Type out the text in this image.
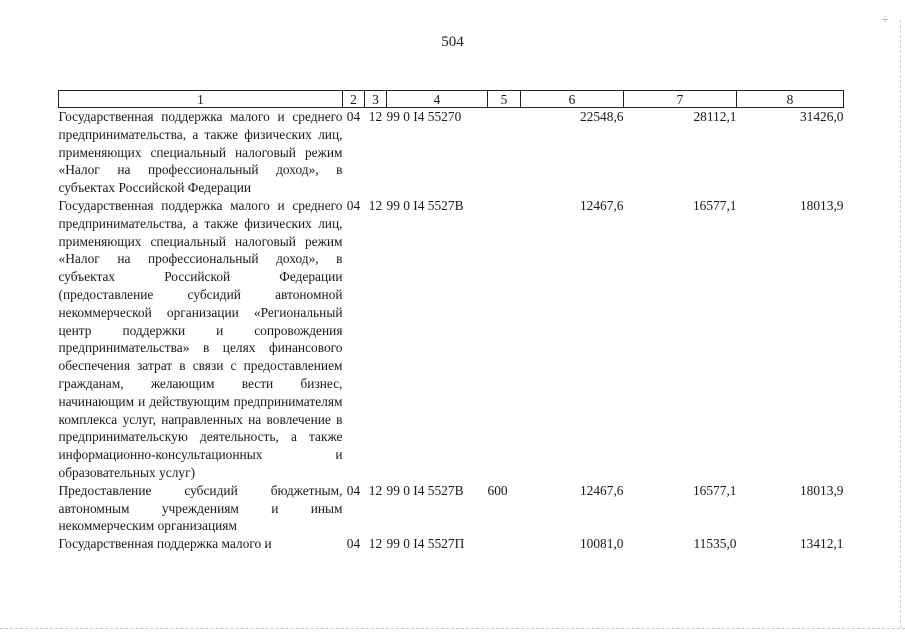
504
÷
1	2	3	4	5	6	7	8
Государственная поддержка малого и среднего предпринимательства, а также физических лиц, применяющих специальный налоговый режим «Налог на профессиональный доход», в субъектах Российской Федерации	04	12	99 0 I4 55270		22548,6	28112,1	31426,0
Государственная поддержка малого и среднего предпринимательства, а также физических лиц, применяющих специальный налоговый режим «Налог на профессиональный доход», в субъектах Российской Федерации (предоставление субсидий автономной некоммерческой организации «Региональный центр поддержки и сопровождения предпринимательства» в целях финансового обеспечения затрат в связи с предоставлением гражданам, желающим вести бизнес, начинающим и действующим предпринимателям комплекса услуг, направленных на вовлечение в предпринимательскую деятельность, а также информационно-консультационных и образовательных услуг)	04	12	99 0 I4 5527В		12467,6	16577,1	18013,9
Предоставление субсидий бюджетным, автономным учреждениям и иным некоммерческим организациям	04	12	99 0 I4 5527В	600	12467,6	16577,1	18013,9
Государственная поддержка малого и	04	12	99 0 I4 5527П		10081,0	11535,0	13412,1
